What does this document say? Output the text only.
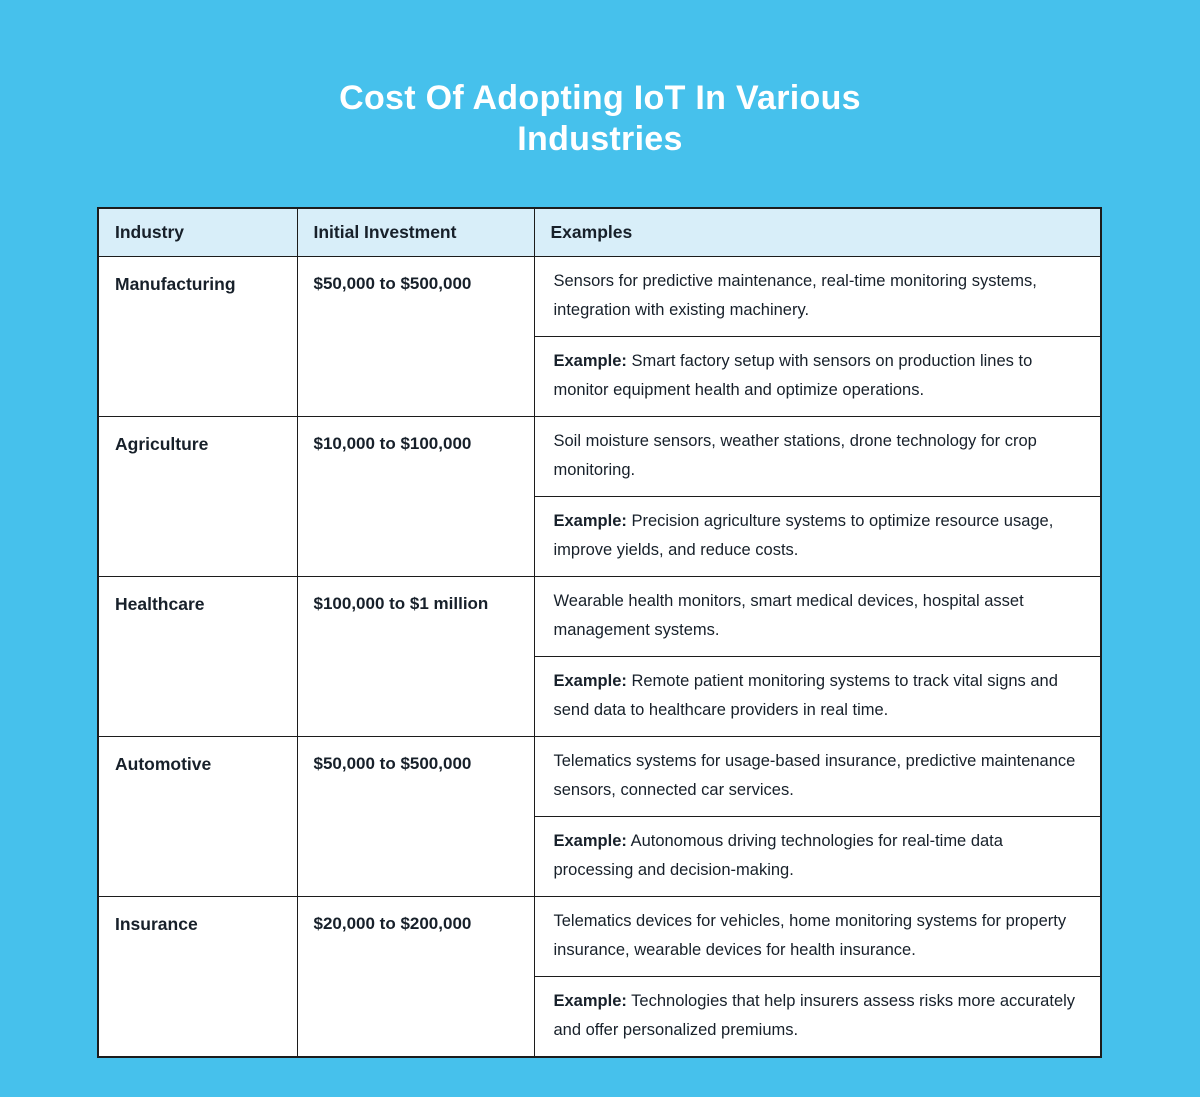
Cost Of Adopting IoT In Various
Industries
Industry	Initial Investment	Examples
Manufacturing	$50,000 to $500,000	Sensors for predictive maintenance, real-time monitoring systems, integration with existing machinery.
		Example: Smart factory setup with sensors on production lines to monitor equipment health and optimize operations.
Agriculture	$10,000 to $100,000	Soil moisture sensors, weather stations, drone technology for crop monitoring.
		Example: Precision agriculture systems to optimize resource usage, improve yields, and reduce costs.
Healthcare	$100,000 to $1 million	Wearable health monitors, smart medical devices, hospital asset management systems.
		Example: Remote patient monitoring systems to track vital signs and send data to healthcare providers in real time.
Automotive	$50,000 to $500,000	Telematics systems for usage-based insurance, predictive maintenance sensors, connected car services.
		Example: Autonomous driving technologies for real-time data processing and decision-making.
Insurance	$20,000 to $200,000	Telematics devices for vehicles, home monitoring systems for property insurance, wearable devices for health insurance.
		Example: Technologies that help insurers assess risks more accurately and offer personalized premiums.
